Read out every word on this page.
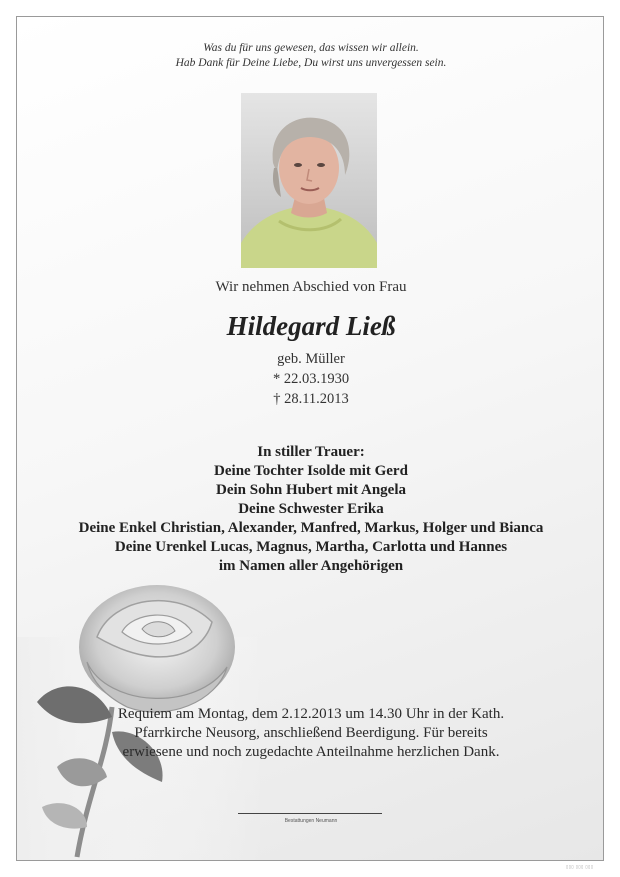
Was du für uns gewesen, das wissen wir allein.
Hab Dank für Deine Liebe, Du wirst uns unvergessen sein.
Wir nehmen Abschied von Frau
Hildegard Ließ
geb. Müller
* 22.03.1930
† 28.11.2013
In stiller Trauer:
Deine Tochter Isolde mit Gerd
Dein Sohn Hubert mit Angela
Deine Schwester Erika
Deine Enkel Christian, Alexander, Manfred, Markus, Holger und Bianca
Deine Urenkel Lucas, Magnus, Martha, Carlotta und Hannes
im Namen aller Angehörigen
Requiem am Montag, dem 2.12.2013 um 14.30 Uhr in der Kath. Pfarrkirche Neusorg, anschließend Beerdigung. Für bereits erwiesene und noch zugedachte Anteilnahme herzlichen Dank.
Bestattungen Neumann
▯▯▯ ▯▯▯ ▯▯▯
